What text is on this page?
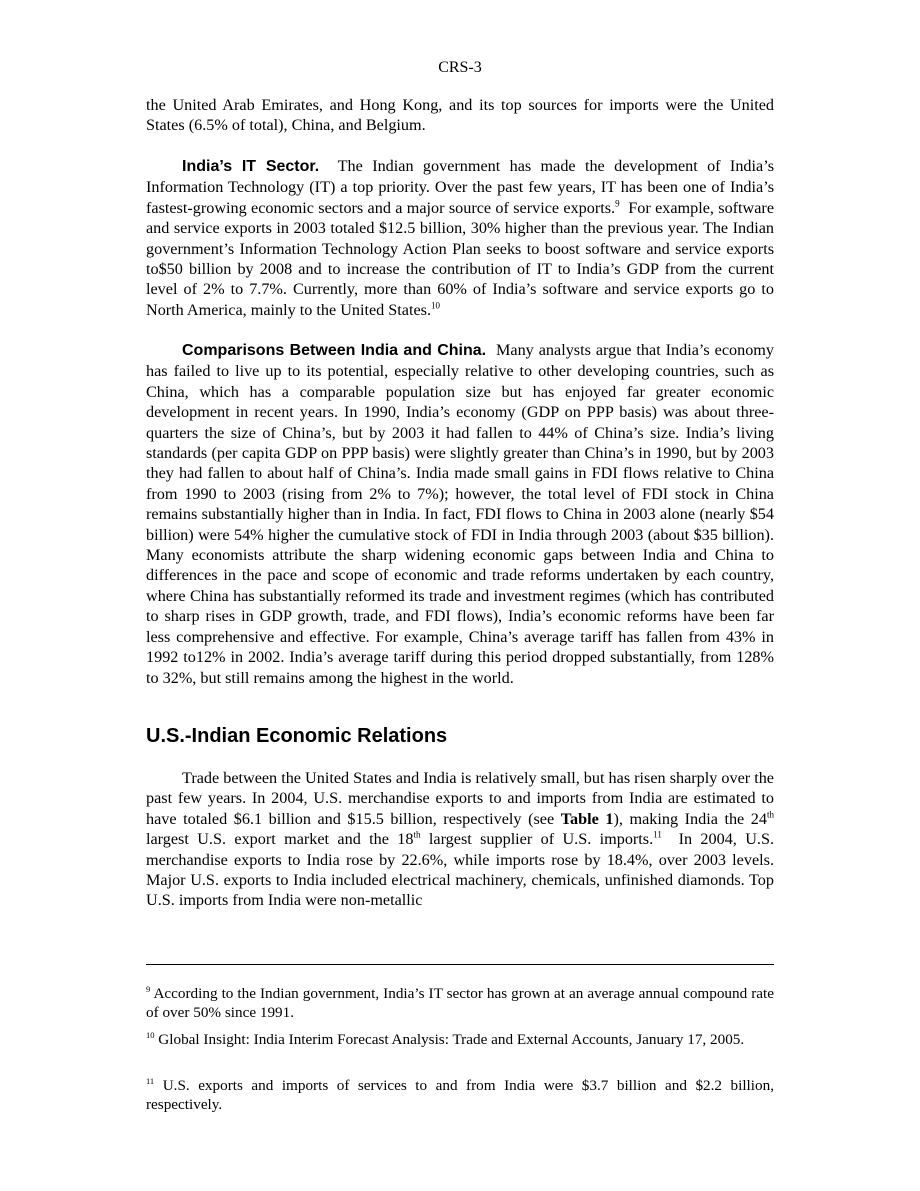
CRS-3

the United Arab Emirates, and Hong Kong, and its top sources for imports were the United States (6.5% of total), China, and Belgium.

India’s IT Sector. The Indian government has made the development of India’s Information Technology (IT) a top priority. Over the past few years, IT has been one of India’s fastest-growing economic sectors and a major source of service exports.$^9$ For example, software and service exports in 2003 totaled $12.5 billion, 30% higher than the previous year. The Indian government’s Information Technology Action Plan seeks to boost software and service exports to$50 billion by 2008 and to increase the contribution of IT to India’s GDP from the current level of 2% to 7.7%. Currently, more than 60% of India’s software and service exports go to North America, mainly to the United States.$^{10}$

Comparisons Between India and China. Many analysts argue that India’s economy has failed to live up to its potential, especially relative to other developing countries, such as China, which has a comparable population size but has enjoyed far greater economic development in recent years. In 1990, India’s economy (GDP on PPP basis) was about three-quarters the size of China’s, but by 2003 it had fallen to 44% of China’s size. India’s living standards (per capita GDP on PPP basis) were slightly greater than China’s in 1990, but by 2003 they had fallen to about half of China’s. India made small gains in FDI flows relative to China from 1990 to 2003 (rising from 2% to 7%); however, the total level of FDI stock in China remains substantially higher than in India. In fact, FDI flows to China in 2003 alone (nearly $54 billion) were 54% higher the cumulative stock of FDI in India through 2003 (about $35 billion). Many economists attribute the sharp widening economic gaps between India and China to differences in the pace and scope of economic and trade reforms undertaken by each country, where China has substantially reformed its trade and investment regimes (which has contributed to sharp rises in GDP growth, trade, and FDI flows), India’s economic reforms have been far less comprehensive and effective. For example, China’s average tariff has fallen from 43% in 1992 to12% in 2002. India’s average tariff during this period dropped substantially, from 128% to 32%, but still remains among the highest in the world.

U.S.-Indian Economic Relations

Trade between the United States and India is relatively small, but has risen sharply over the past few years. In 2004, U.S. merchandise exports to and imports from India are estimated to have totaled $6.1 billion and $15.5 billion, respectively (see Table 1), making India the 24th largest U.S. export market and the 18th largest supplier of U.S. imports.$^{11}$ In 2004, U.S. merchandise exports to India rose by 22.6%, while imports rose by 18.4%, over 2003 levels. Major U.S. exports to India included electrical machinery, chemicals, unfinished diamonds. Top U.S. imports from India were non-metallic

$^9$ According to the Indian government, India’s IT sector has grown at an average annual compound rate of over 50% since 1991.
$^{10}$ Global Insight: India Interim Forecast Analysis: Trade and External Accounts, January 17, 2005.
$^{11}$ U.S. exports and imports of services to and from India were $3.7 billion and $2.2 billion, respectively.
